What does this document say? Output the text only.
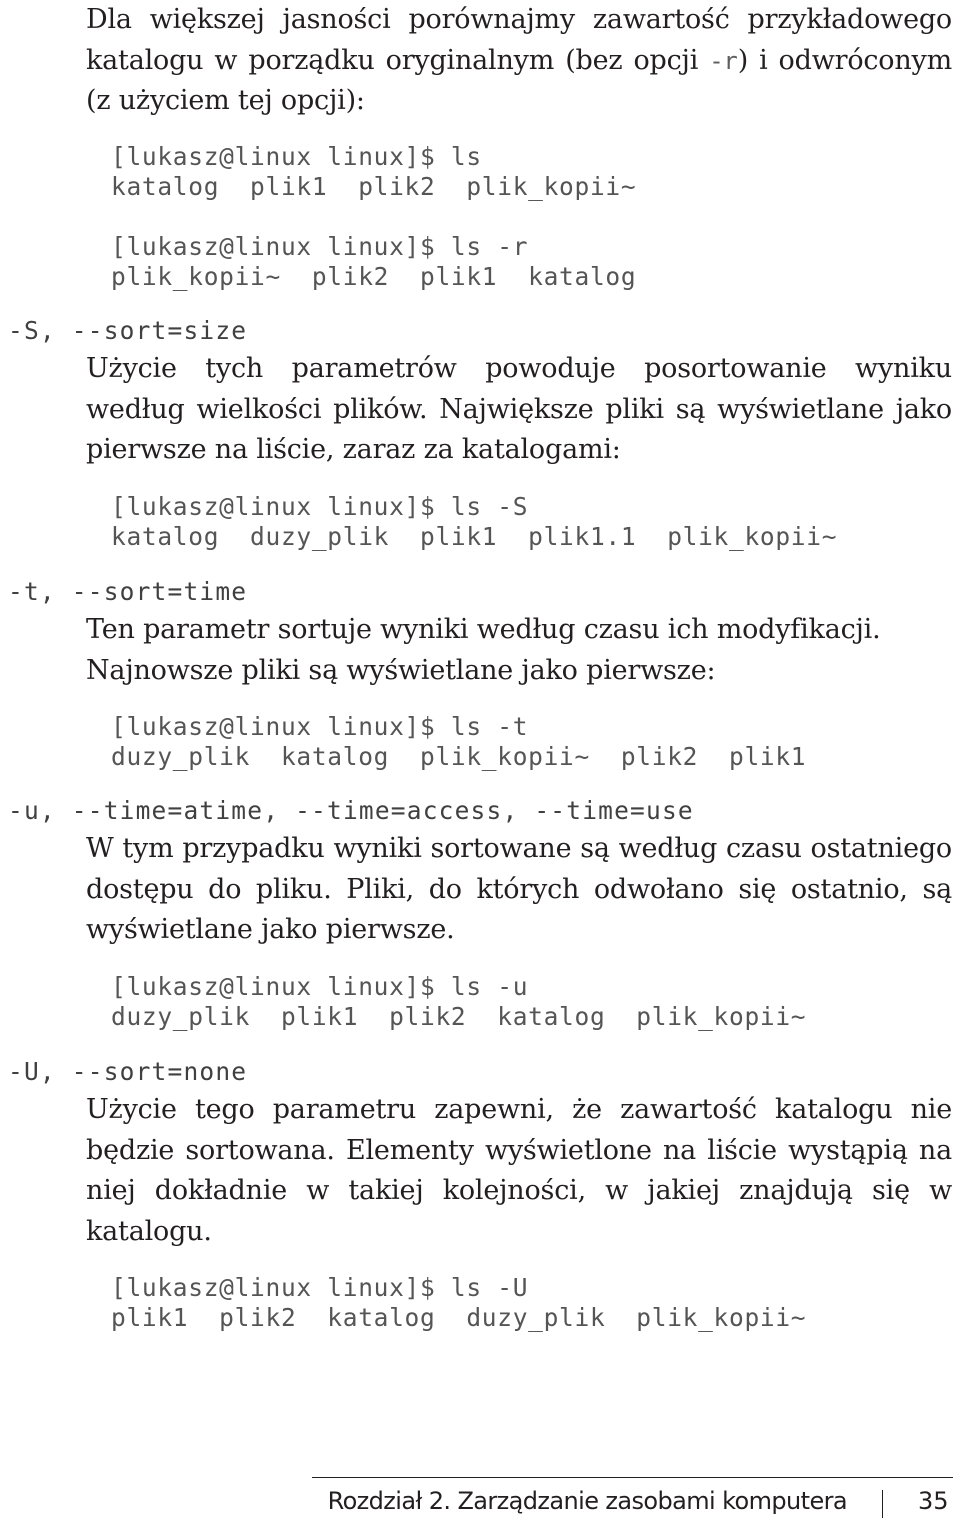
Dla większej jasności porównajmy zawartość przykładowego katalogu w porządku oryginalnym (bez opcji -r) i odwróconym (z użyciem tej opcji):

[lukasz@linux linux]$ ls
katalog  plik1  plik2  plik_kopii~
[lukasz@linux linux]$ ls -r
plik_kopii~  plik2  plik1  katalog
-S, --sort=size

Użycie tych parametrów powoduje posortowanie wyniku według wielkości plików. Największe pliki są wyświetlane jako pierwsze na liście, zaraz za katalogami:

[lukasz@linux linux]$ ls -S
katalog  duzy_plik  plik1  plik1.1  plik_kopii~
-t, --sort=time

Ten parametr sortuje wyniki według czasu ich modyfikacji. Najnowsze pliki są wyświetlane jako pierwsze:

[lukasz@linux linux]$ ls -t
duzy_plik  katalog  plik_kopii~  plik2  plik1
-u, --time=atime, --time=access, --time=use

W tym przypadku wyniki sortowane są według czasu ostatniego dostępu do pliku. Pliki, do których odwołano się ostatnio, są wyświetlane jako pierwsze.

[lukasz@linux linux]$ ls -u
duzy_plik  plik1  plik2  katalog  plik_kopii~
-U, --sort=none

Użycie tego parametru zapewni, że zawartość katalogu nie będzie sortowana. Elementy wyświetlone na liście wystąpią na niej dokładnie w takiej kolejności, w jakiej znajdują się w katalogu.

[lukasz@linux linux]$ ls -U
plik1  plik2  katalog  duzy_plik  plik_kopii~
Rozdział 2. Zarządzanie zasobami komputera	35
